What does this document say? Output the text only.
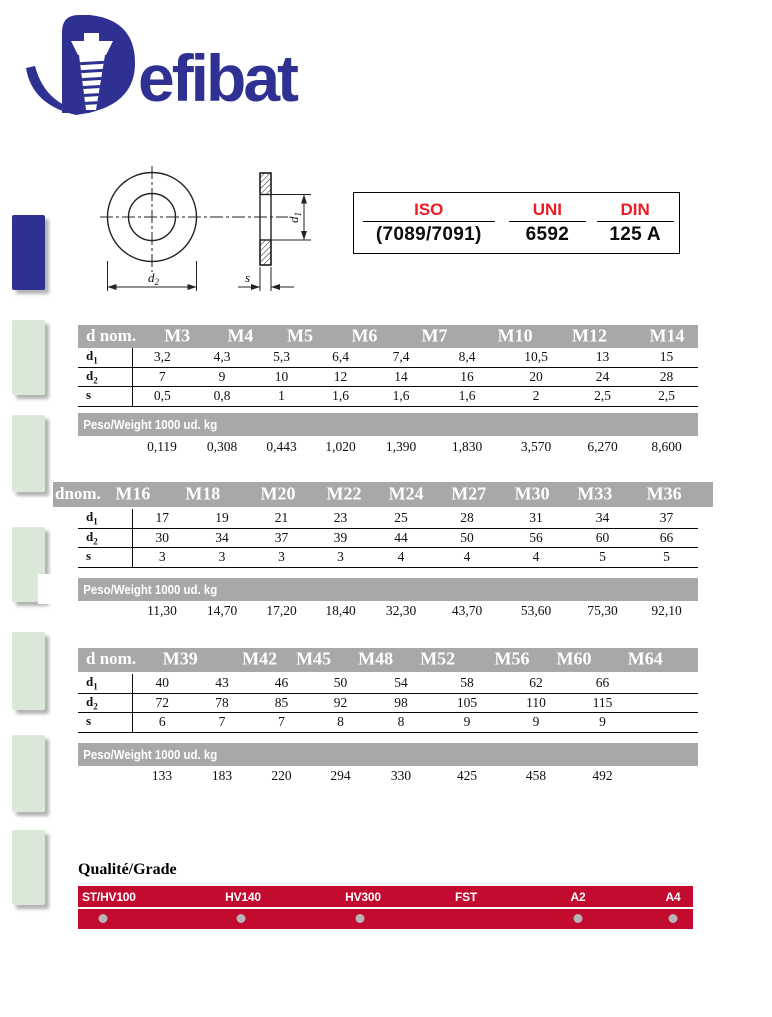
efibat
$d_2$
$d_1$
s
ISO
(7089/7091)
UNI
6592
DIN
125 A
d nom. M3 M4 M5 M6 M7	M10 M12 M14
$d_1$	3,2	4,3	5,3	6,4	7,4	8,4	10,5	13	15
$d_2$	7	9	10	12	14	16	20	24	28
s	0,5	0,8	1	1,6	1,6	1,6	2	2,5	2,5
Peso/Weight 1000 ud. kg
	0,119	0,308	0,443	1,020	1,390	1,830	3,570	6,270	8,600
dnom. M16 M18 M20 M22 M24 M27 M30 M33 M36
$d_1$	17	19	21	23	25	28	31	34	37
$d_2$	30	34	37	39	44	50	56	60	66
s	3	3	3	3	4	4	4	5	5
Peso/Weight 1000 ud. kg
	11,30	14,70	17,20	18,40	32,30	43,70	53,60	75,30	92,10
d nom. M39 M42 M45 M48 M52 M56 M60 M64
$d_1$	40	43	46	50	54	58	62	66	
$d_2$	72	78	85	92	98	105	110	115	
s	6	7	7	8	8	9	9	9	
Peso/Weight 1000 ud. kg
	133	183	220	294	330	425	458	492	
Qualité/Grade
ST/HV100	HV140	HV300	FST	A2	A4
